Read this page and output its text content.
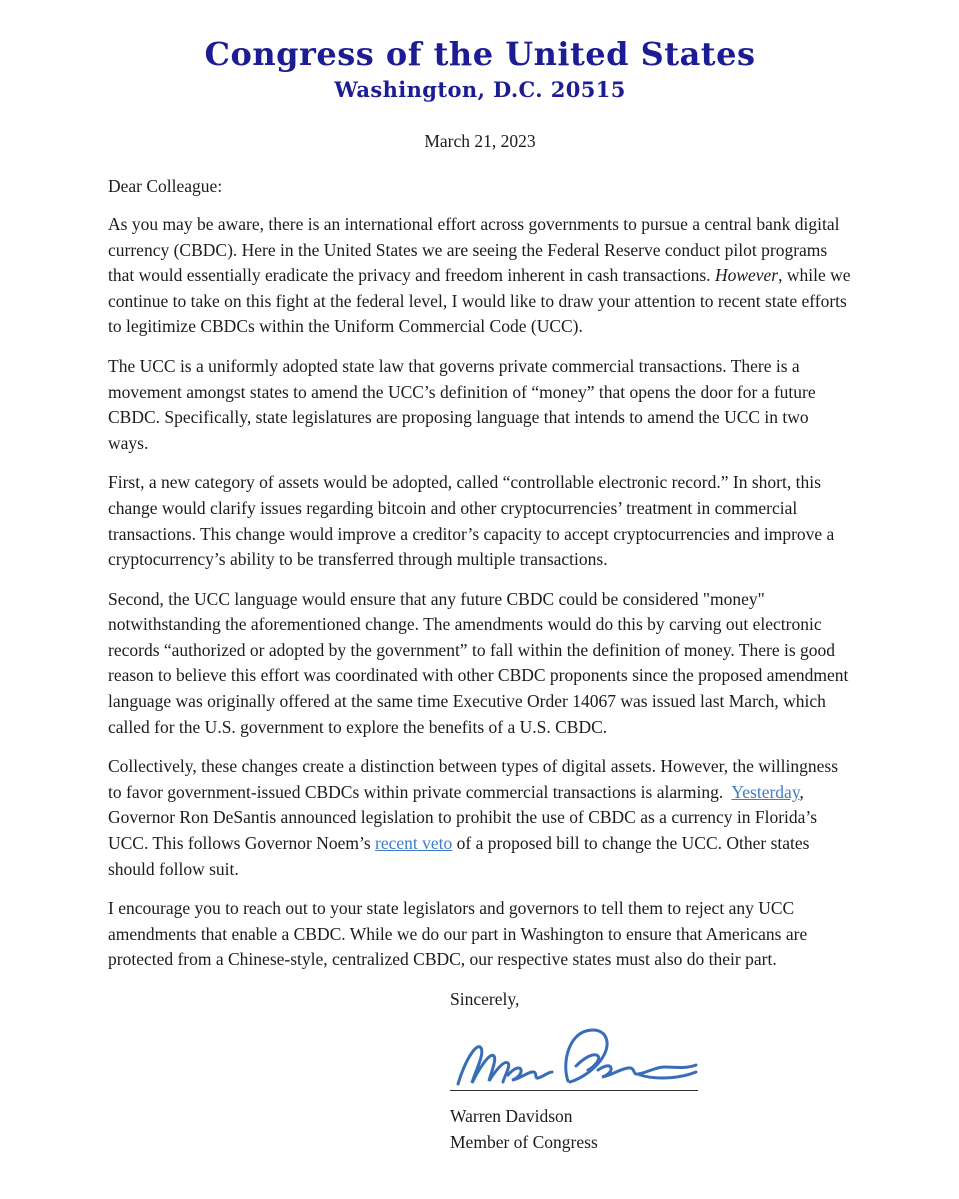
Congress of the United States
Washington, D.C. 20515
March 21, 2023
Dear Colleague:

As you may be aware, there is an international effort across governments to pursue a central bank digital currency (CBDC). Here in the United States we are seeing the Federal Reserve conduct pilot programs that would essentially eradicate the privacy and freedom inherent in cash transactions. However, while we continue to take on this fight at the federal level, I would like to draw your attention to recent state efforts to legitimize CBDCs within the Uniform Commercial Code (UCC).

The UCC is a uniformly adopted state law that governs private commercial transactions. There is a movement amongst states to amend the UCC’s definition of “money” that opens the door for a future CBDC. Specifically, state legislatures are proposing language that intends to amend the UCC in two ways.

First, a new category of assets would be adopted, called “controllable electronic record.” In short, this change would clarify issues regarding bitcoin and other cryptocurrencies’ treatment in commercial transactions. This change would improve a creditor’s capacity to accept cryptocurrencies and improve a cryptocurrency’s ability to be transferred through multiple transactions.

Second, the UCC language would ensure that any future CBDC could be considered "money" notwithstanding the aforementioned change. The amendments would do this by carving out electronic records “authorized or adopted by the government” to fall within the definition of money. There is good reason to believe this effort was coordinated with other CBDC proponents since the proposed amendment language was originally offered at the same time Executive Order 14067 was issued last March, which called for the U.S. government to explore the benefits of a U.S. CBDC.

Collectively, these changes create a distinction between types of digital assets. However, the willingness to favor government-issued CBDCs within private commercial transactions is alarming.  Yesterday, Governor Ron DeSantis announced legislation to prohibit the use of CBDC as a currency in Florida’s UCC. This follows Governor Noem’s recent veto of a proposed bill to change the UCC. Other states should follow suit.

I encourage you to reach out to your state legislators and governors to tell them to reject any UCC amendments that enable a CBDC. While we do our part in Washington to ensure that Americans are protected from a Chinese-style, centralized CBDC, our respective states must also do their part.

Sincerely,
Warren Davidson
Member of Congress
